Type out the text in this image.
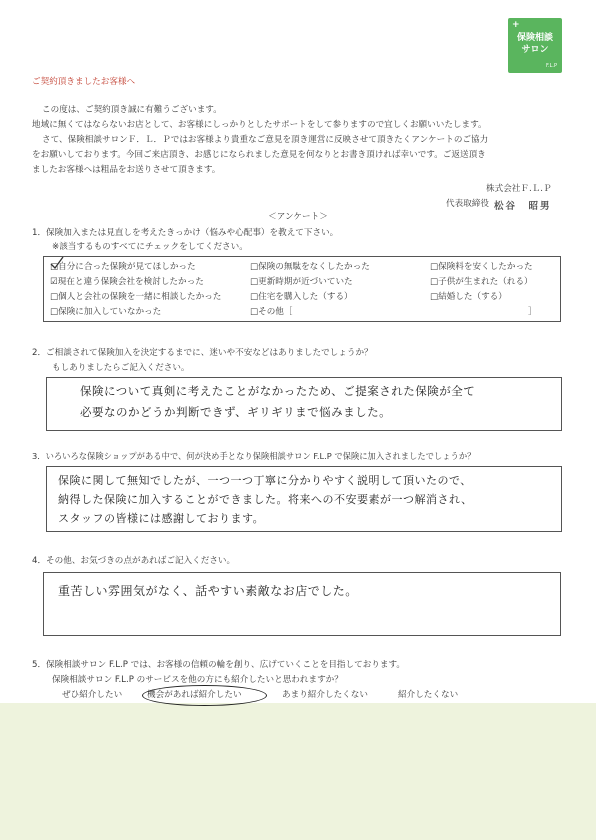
+
保険相談
サロン
F.L.P
ご契約頂きましたお客様へ
この度は、ご契約頂き誠に有難うございます。
地域に無くてはならないお店として、お客様にしっかりとしたサポートをして参りますので宜しくお願いいたします。
さて、保険相談サロンＦ．Ｌ．Ｐではお客様より貴重なご意見を頂き運営に反映させて頂きたくアンケートのご協力
をお願いしております。今回ご来店頂き、お感じになられました意見を何なりとお書き頂ければ幸いです。ご返送頂き
ましたお客様へは粗品をお送りさせて頂きます。
株式会社Ｆ.Ｌ.Ｐ
代表取締役 松谷　昭男
＜アンケート＞
1．保険加入または見直しを考えたきっかけ（悩みや心配事）を教えて下さい。
※該当するものすべてにチェックをしてください。
□自分に合った保険が見てほしかった	□保険の無駄をなくしたかった	□保険料を安くしたかった
☑現在と違う保険会社を検討したかった	□更新時期が近づいていた	□子供が生まれた（れる）
□個人と会社の保険を一緒に相談したかった	□住宅を購入した（する）	□結婚した（する）
□保険に加入していなかった	□その他［	］
2．ご相談されて保険加入を決定するまでに、迷いや不安などはありましたでしょうか？
もしありましたらご記入ください。
保険について真剣に考えたことがなかったため、ご提案された保険が全て
必要なのかどうか判断できず、ギリギリまで悩みました。
3．いろいろな保険ショップがある中で、何が決め手となり保険相談サロン F.L.P で保険に加入されましたでしょうか？
保険に関して無知でしたが、一つ一つ丁寧に分かりやすく説明して頂いたので、
納得した保険に加入することができました。将来への不安要素が一つ解消され、
スタッフの皆様には感謝しております。
4．その他、お気づきの点があればご記入ください。
重苦しい雰囲気がなく、話やすい素敵なお店でした。
5．保険相談サロン F.L.P では、お客様の信頼の輪を創り、広げていくことを目指しております。
保険相談サロン F.L.P のサービスを他の方にも紹介したいと思われますか？
ぜひ紹介したい	機会があれば紹介したい	あまり紹介したくない	紹介したくない
